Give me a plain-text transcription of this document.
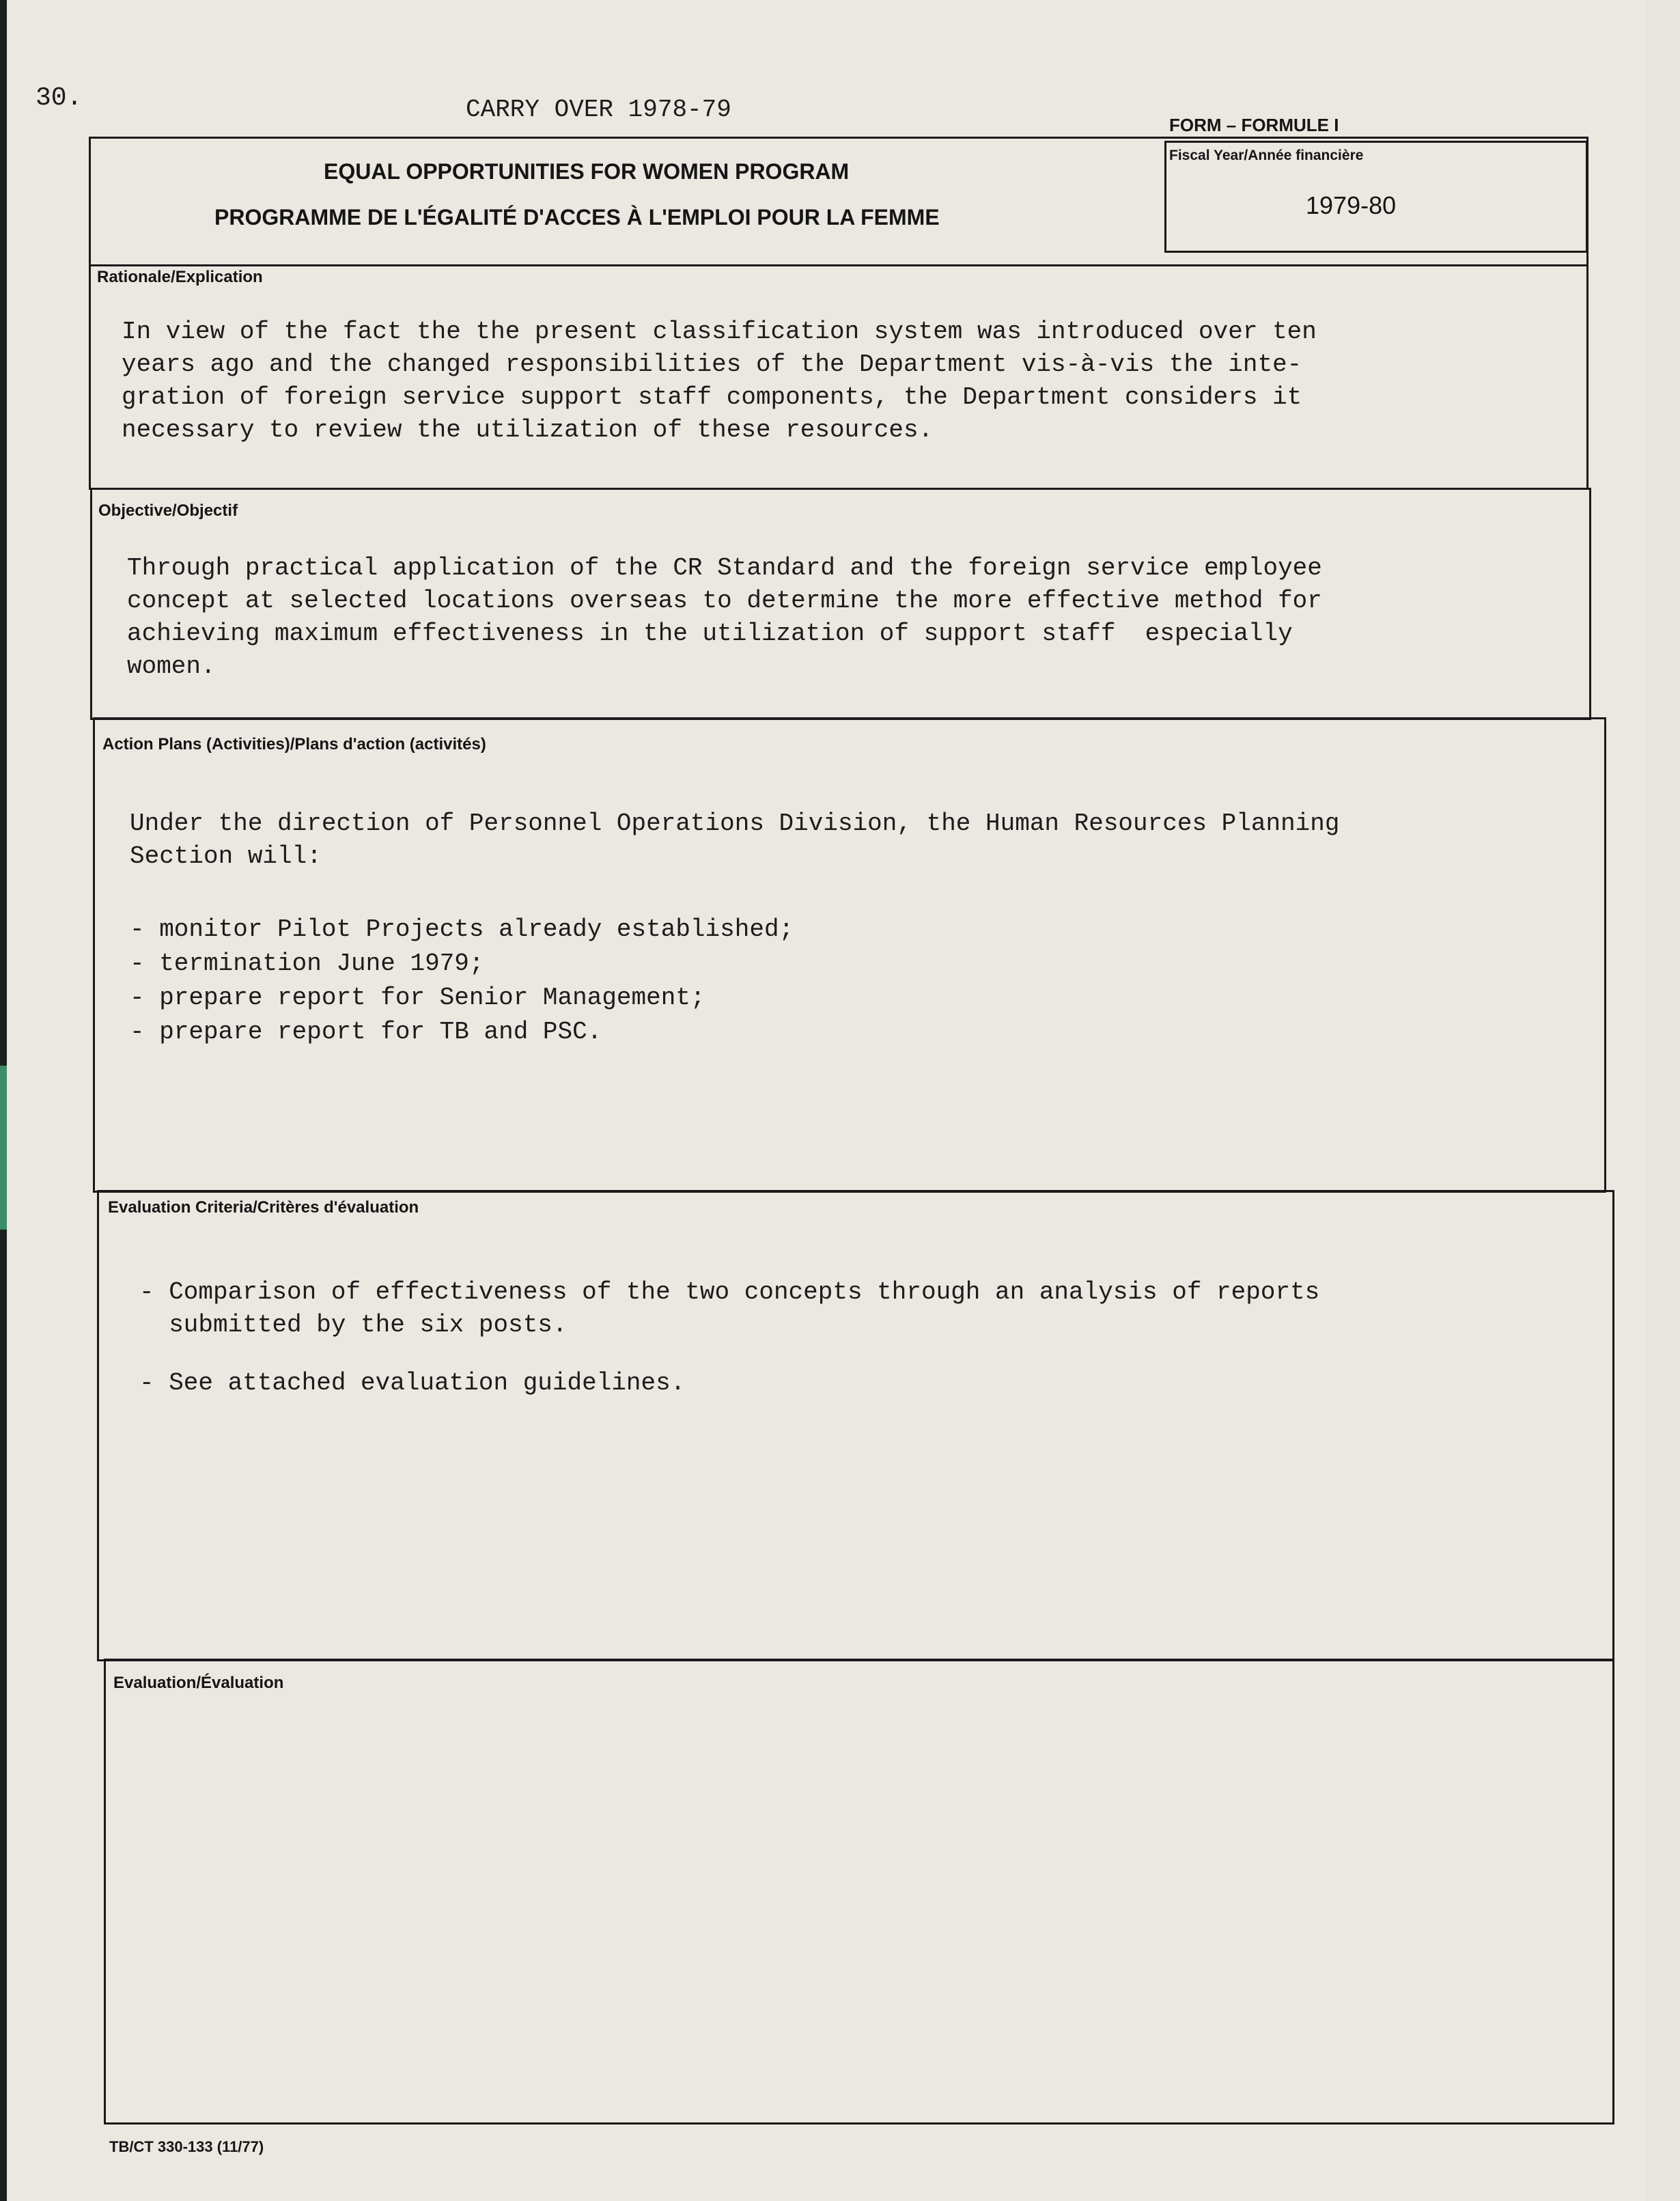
30.	CARRY OVER 1978-79
FORM – FORMULE I
Fiscal Year/Année financière
1979-80
EQUAL OPPORTUNITIES FOR WOMEN PROGRAM
PROGRAMME DE L'ÉGALITÉ D'ACCES À L'EMPLOI POUR LA FEMME
Rationale/Explication
In view of the fact the the present classification system was introduced over ten
years ago and the changed responsibilities of the Department vis-à-vis the inte-
gration of foreign service support staff components, the Department considers it
necessary to review the utilization of these resources.
Objective/Objectif
Through practical application of the CR Standard and the foreign service employee
concept at selected locations overseas to determine the more effective method for
achieving maximum effectiveness in the utilization of support staff  especially
women.
Action Plans (Activities)/Plans d'action (activités)
Under the direction of Personnel Operations Division, the Human Resources Planning
Section will:
- monitor Pilot Projects already established;
- termination June 1979;
- prepare report for Senior Management;
- prepare report for TB and PSC.
Evaluation Criteria/Critères d'évaluation
- Comparison of effectiveness of the two concepts through an analysis of reports
submitted by the six posts.
- See attached evaluation guidelines.
Evaluation/Évaluation
TB/CT 330-133 (11/77)
